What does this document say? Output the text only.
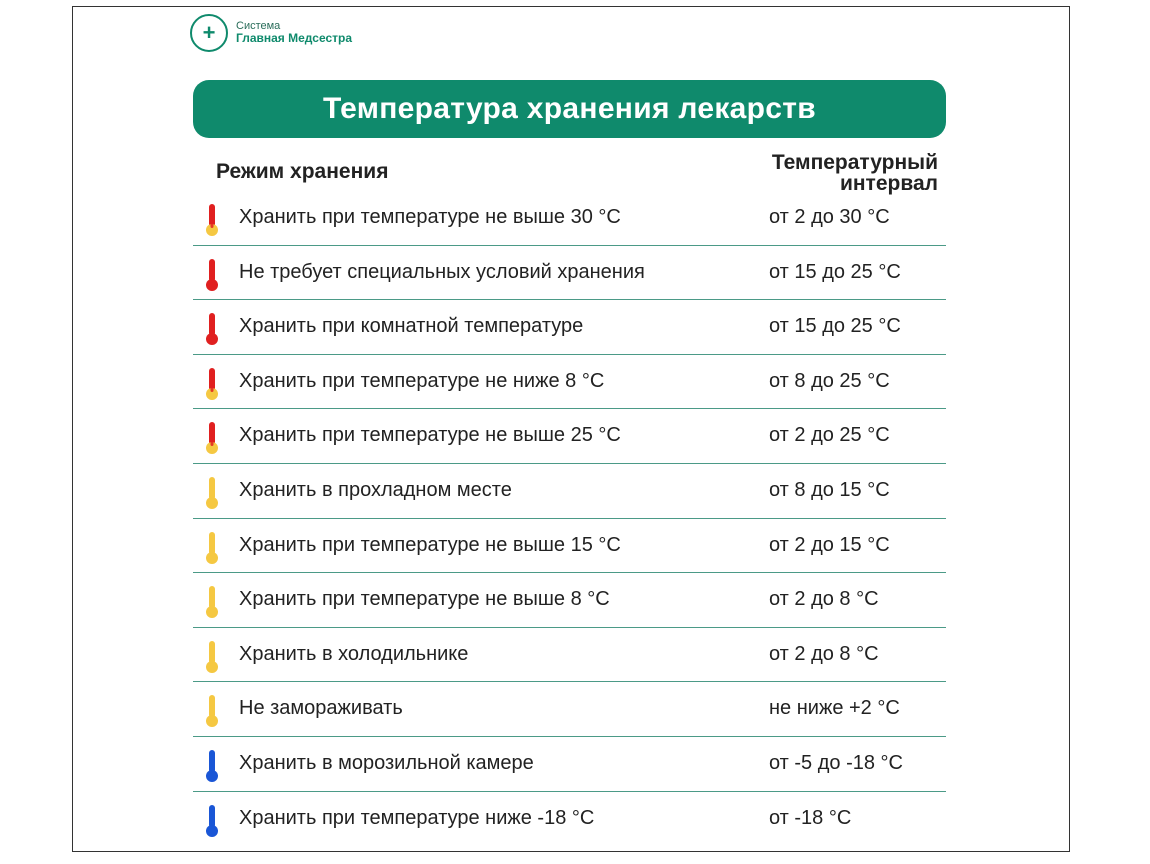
+	Система
Главная Медсестра
Температура хранения лекарств
Режим хранения	Температурный
интервал
Хранить при температуре не выше 30 °С	от 2 до 30 °С
Не требует специальных условий хранения	от 15 до 25 °С
Хранить при комнатной температуре	от 15 до 25 °С
Хранить при температуре не ниже 8 °С	от 8 до 25 °С
Хранить при температуре не выше 25 °С	от 2 до 25 °С
Хранить в прохладном месте	от 8 до 15 °С
Хранить при температуре не выше 15 °С	от 2 до 15 °С
Хранить при температуре не выше 8 °С	от 2 до 8 °С
Хранить в холодильнике	от 2 до 8 °С
Не замораживать	не ниже +2 °С
Хранить в морозильной камере	от -5 до -18 °С
Хранить при температуре ниже -18 °С	от -18 °С
